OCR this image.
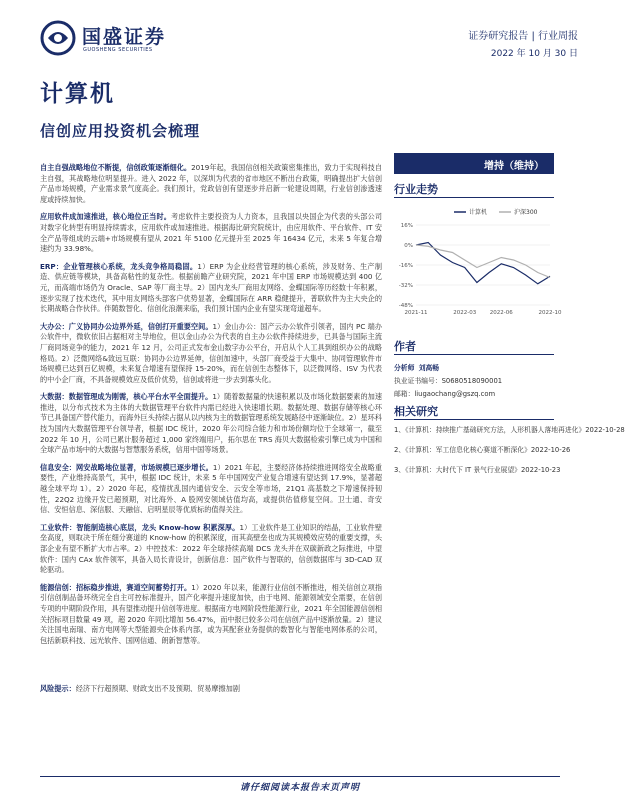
国盛证券
GUOSHENG SECURITIES
证券研究报告 | 行业周报
2022 年 10 月 30 日
计算机
信创应用投资机会梳理

自主自强战略地位不断提，信创政策逐渐细化。2019年起，我国信创相关政策密集推出，致力于实现科技自主自强，其战略地位明显提升。进入 2022 年，以深圳为代表的省市地区不断出台政策，明确提出扩大信创产品市场规模，产业需求景气度高企。我们预计，党政信创有望逐步并启新一轮建设周期，行业信创渗透速度或持续加快。

应用软件成加速推进，核心地位正当时。考虑软件主要投资为人力资本，且我国以央国企为代表的头部公司对数字化转型有明显持续需求，应用软件或加速推进。根据海比研究院统计，由应用软件、平台软件、IT 安全产品等组成的云端+市场规模有望从 2021 年 5100 亿元提升至 2025 年 16434 亿元，未来 5 年复合增速约为 33.98%。

ERP：企业管理核心系统，龙头竞争格局稳固。1）ERP 为企业经营管理的核心系统，涉及财务、生产制造、供应链等模块，具备高粘性的复杂性。根据前瞻产业研究院，2021 年中国 ERP 市场规模达到 400 亿元，而高端市场仍为 Oracle、SAP 等厂商主导。2）国内龙头厂商用友网络、金蝶国际等历经数十年积累，逐步实现了技术迭代，其中用友网络头部客户优势显著，金蝶国际在 ARR 稳健提升，普联软件为主大央企的长期战略合作伙伴。伴随数智化、信创化浪潮来临，我们预计国内企业有望实现弯道超车。

大办公：广义协同办公边界外延，信创打开重要空间。1）金山办公：国产云办公软件引领者，国内 PC 端办公软件中，微软依旧占据相对主导地位，但以金山办公为代表的自主办公软件持续进步，已具备与国际主流厂商同场竞争的能力，2021 年 12 月，公司正式发布金山数字办公平台，开启从个人工具到组织办公的战略格局。2）泛微网络&致远互联：协同办公边界延伸，信创加速中，头部厂商受益于大集中、协同管理软件市场规模已达到百亿规模，未来复合增速有望保持 15-20%，而在信创生态整体下，以泛微网络、ISV 为代表的中小企厂商，不具备规模效应及低价优势，信创或将进一步去到寡头化。

大数据：数据管理成为刚需，核心平台水平全面提升。1）随着数据量的快速积累以及市场化数据要素的加速推进，以分布式技术为主体的大数据管理平台软件内需已经进入快速增长期。数据处理、数据存储等核心环节已具备国产替代能力，而海外巨头持续占据从以内核为主的数据管理系统发展路径中逐渐缺位。2）星环科技为国内大数据管理平台领导者，根据 IDC 统计，2020 年公司综合能力和市场份额均位于全球第一，截至 2022 年 10 月，公司已累计服务超过 1,000 家终端用户，拓尔思在 TRS 海贝大数据检索引擎已成为中国和全球产品市场中的大数据与智慧服务系统，信用中国等场景。

信息安全：网安战略地位显著，市场规模已逐步增长。1）2021 年起，主要经济体持续推进网络安全战略重要性，产业维持高景气，其中，根据 IDC 统计，未来 5 年中国网安产业复合增速有望达到 17.9%，显著超越全球平均 1）。2）2020 年起，疫情扰乱国内通信安全、云安全等市场，21Q1 高基数之下增速保持韧性，22Q2 边缘开发已超预期，对比海外、A 股网安领域估值均高，或提供估值修复空间。卫士通、奇安信、安恒信息、深信服、天融信、启明星辰等优质标的值得关注。

工业软件：智能制造核心底层，龙头 Know-how 积累深厚。1）工业软件是工业知识的结晶，工业软件壁垒高度，则取决于所在细分赛道的 Know-how 的积累深度，而其高壁垒也成为其规模效应势的重要支撑，头部企业有望不断扩大市占率。2）中控技术：2022 年全球持续高端 DCS 龙头并在双碳新政之际推进，中望软件：国内 CAx 软件领军，具备入局长青设计，创新信息：国产软件与智联的，信创数据库与 3D-CAD 双轮驱动。

能源信创：招标稳步推进，赛道空间蓄势打开。1）2020 年以来，能源行业信创不断推进，相关信创立项指引信创制品备环绕完全自主可控标准提升，国产化率提升速度加快，由于电网、能源领域安全需要，在信创专项的中期阶段作用，具有望推动提升信创等进度。根据南方电网阶段性能源行业，2021 年全国能源信创相关招标项目数量 49 项，超 2020 年同比增加 56.47%，而中报已较多公司在信创产品中逐渐放量。2）建议关注国电南瑞、南方电网等大型能源央企体系内部，或为其配套业务提供的数智化与智能电网体系的公司，包括新联科技、远光软件、国网信通、朗新智慧等。

风险提示：经济下行超预期、财政支出不及预期、贸易摩擦加剧
增持（维持）
行业走势
计算机	沪深300
16%
0%
-16%
-32%
-48%
2021-11	2022-03 2022-06	2022-10
作者
分析师 刘高畅
执业证书编号：S0680518090001
邮箱：liugaochang@gszq.com
相关研究
1、《计算机：持续推广基础研究方法，人形机器人落地再进化》2022-10-28
2、《计算机：军工信息化核心赛道不断深化》2022-10-26
3、《计算机：大时代下 IT 景气行业展望》2022-10-23
请仔细阅读本报告末页声明
